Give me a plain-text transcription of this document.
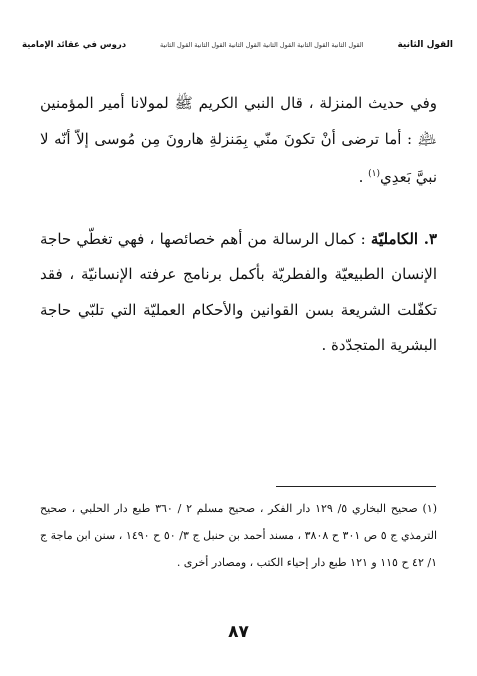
القول الثانية
القول الثانية القول الثانية القول الثانية القول الثانية القول الثانية القول الثانية
دروس في عقائد الإمامية

وفي حديث المنزلة ، قال النبي الكريم ﷺ لمولانا أمير المؤمنين ﵇ : أما ترضى أنْ تكونَ منّي بِمَنزلةِ هارونَ مِن مُوسى إلاّ أنّه لا نبيَّ بَعدِي$^{(١)}$ .

٣. الكامليّة : كمال الرسالة من أهم خصائصها ، فهي تغطّي حاجة الإنسان الطبيعيّة والفطريّة بأكمل برنامج عرفته الإنسانيّة ، فقد تكفّلت الشريعة بسن القوانين والأحكام العمليّة التي تلبّي حاجة البشرية المتجدّدة .

(١) صحيح البخاري ٥/ ١٢٩ دار الفكر ، صحيح مسلم ٢ / ٣٦٠ طبع دار الحلبي ، صحيح الترمذي ج ٥ ص ٣٠١ ح ٣٨٠٨ ، مسند أحمد بن حنبل ج ٣/ ٥٠ ح ١٤٩٠ ، سنن ابن ماجة ج ١/ ٤٢ ح ١١٥ و ١٢١ طبع دار إحياء الكتب ، ومصادر أخرى .

٨٧
